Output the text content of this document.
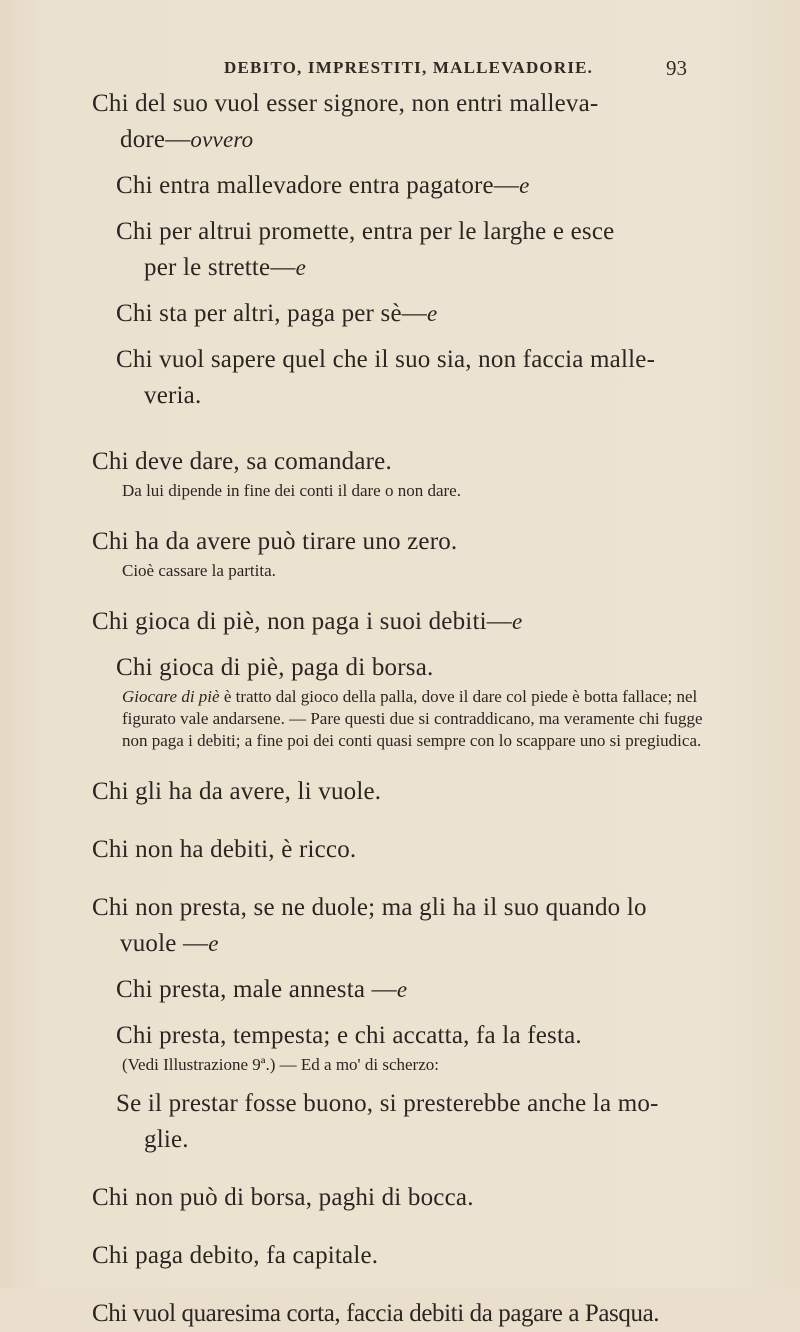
DEBITO, IMPRESTITI, MALLEVADORIE.	93

Chi del suo vuol esser signore, non entri malleva-
dore—ovvero

Chi entra mallevadore entra pagatore—e

Chi per altrui promette, entra per le larghe e esce
per le strette—e

Chi sta per altri, paga per sè—e

Chi vuol sapere quel che il suo sia, non faccia malle-
veria.

Chi deve dare, sa comandare.

Da lui dipende in fine dei conti il dare o non dare.

Chi ha da avere può tirare uno zero.

Cioè cassare la partita.

Chi gioca di piè, non paga i suoi debiti—e

Chi gioca di piè, paga di borsa.

Giocare di piè è tratto dal gioco della palla, dove il dare col piede è botta fallace; nel figurato vale andarsene. — Pare questi due si contraddicano, ma veramente chi fugge non paga i debiti; a fine poi dei conti quasi sempre con lo scappare uno si pregiudica.

Chi gli ha da avere, li vuole.

Chi non ha debiti, è ricco.

Chi non presta, se ne duole; ma gli ha il suo quando lo
vuole —e

Chi presta, male annesta —e

Chi presta, tempesta; e chi accatta, fa la festa.

(Vedi Illustrazione 9ª.) — Ed a mo' di scherzo:

Se il prestar fosse buono, si presterebbe anche la mo-
glie.

Chi non può di borsa, paghi di bocca.

Chi paga debito, fa capitale.

Chi vuol quaresima corta, faccia debiti da pagare a Pasqua.
